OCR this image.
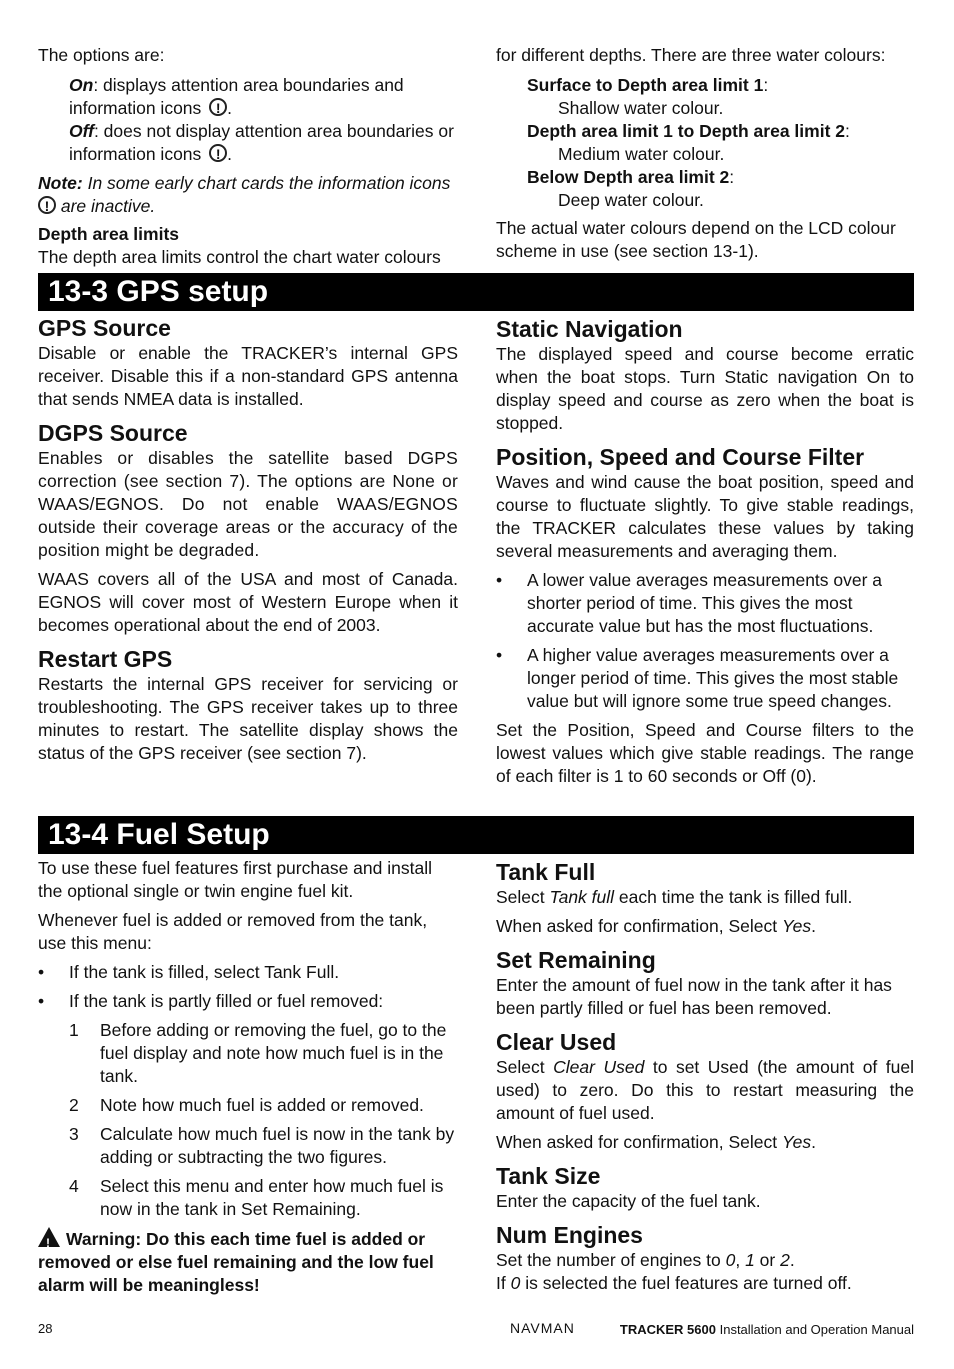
The options are:

On: displays attention area boundaries and information icons ! .

Off: does not display attention area boundaries or information icons ! .

Note: In some early chart cards the information icons
! are inactive.

Depth area limits

The depth area limits control the chart water colours

for different depths. There are three water colours:

Surface to Depth area limit 1:

Shallow water colour.

Depth area limit 1 to Depth area limit 2:

Medium water colour.

Below Depth area limit 2:

Deep water colour.

The actual water colours depend on the LCD colour scheme in use (see section 13-1).

13-3 GPS setup

GPS Source

Disable or enable the TRACKER’s internal GPS receiver. Disable this if a non-standard GPS antenna that sends NMEA data is installed.

DGPS Source

Enables or disables the satellite based DGPS correction (see section 7). The options are None or WAAS/EGNOS. Do not enable WAAS/EGNOS outside their coverage areas or the accuracy of the position might be degraded.

WAAS covers all of the USA and most of Canada. EGNOS will cover most of Western Europe when it becomes operational about the end of 2003.

Restart GPS

Restarts the internal GPS receiver for servicing or troubleshooting. The GPS receiver takes up to three minutes to restart. The satellite display shows the status of the GPS receiver (see section 7).

Static Navigation

The displayed speed and course become erratic when the boat stops. Turn Static navigation On to display speed and course as zero when the boat is stopped.

Position, Speed and Course Filter

Waves and wind cause the boat position, speed and course to fluctuate slightly. To give stable readings, the TRACKER calculates these values by taking several measurements and averaging them.

• A lower value averages measurements over a shorter period of time. This gives the most accurate value but has the most fluctuations.

• A higher value averages measurements over a longer period of time. This gives the most stable value but will ignore some true speed changes.

Set the Position, Speed and Course filters to the lowest values which give stable readings. The range of each filter is 1 to 60 seconds or Off (0).

13-4 Fuel Setup

To use these fuel features first purchase and install the optional single or twin engine fuel kit.

Whenever fuel is added or removed from the tank, use this menu:

• If the tank is filled, select Tank Full.

• If the tank is partly filled or fuel removed:

1 Before adding or removing the fuel, go to the fuel display and note how much fuel is in the tank.

2 Note how much fuel is added or removed.

3 Calculate how much fuel is now in the tank by adding or subtracting the two figures.

4 Select this menu and enter how much fuel is now in the tank in Set Remaining.

!Warning: Do this each time fuel is added or removed or else fuel remaining and the low fuel alarm will be meaningless!

Tank Full

Select Tank full each time the tank is filled full.

When asked for confirmation, Select Yes.

Set Remaining

Enter the amount of fuel now in the tank after it has been partly filled or fuel has been removed.

Clear Used

Select Clear Used to set Used (the amount of fuel used) to zero. Do this to restart measuring the amount of fuel used.

When asked for confirmation, Select Yes.

Tank Size

Enter the capacity of the fuel tank.

Num Engines

Set the number of engines to 0, 1 or 2.
If 0 is selected the fuel features are turned off.

28	NAVMAN	TRACKER 5600 Installation and Operation Manual
